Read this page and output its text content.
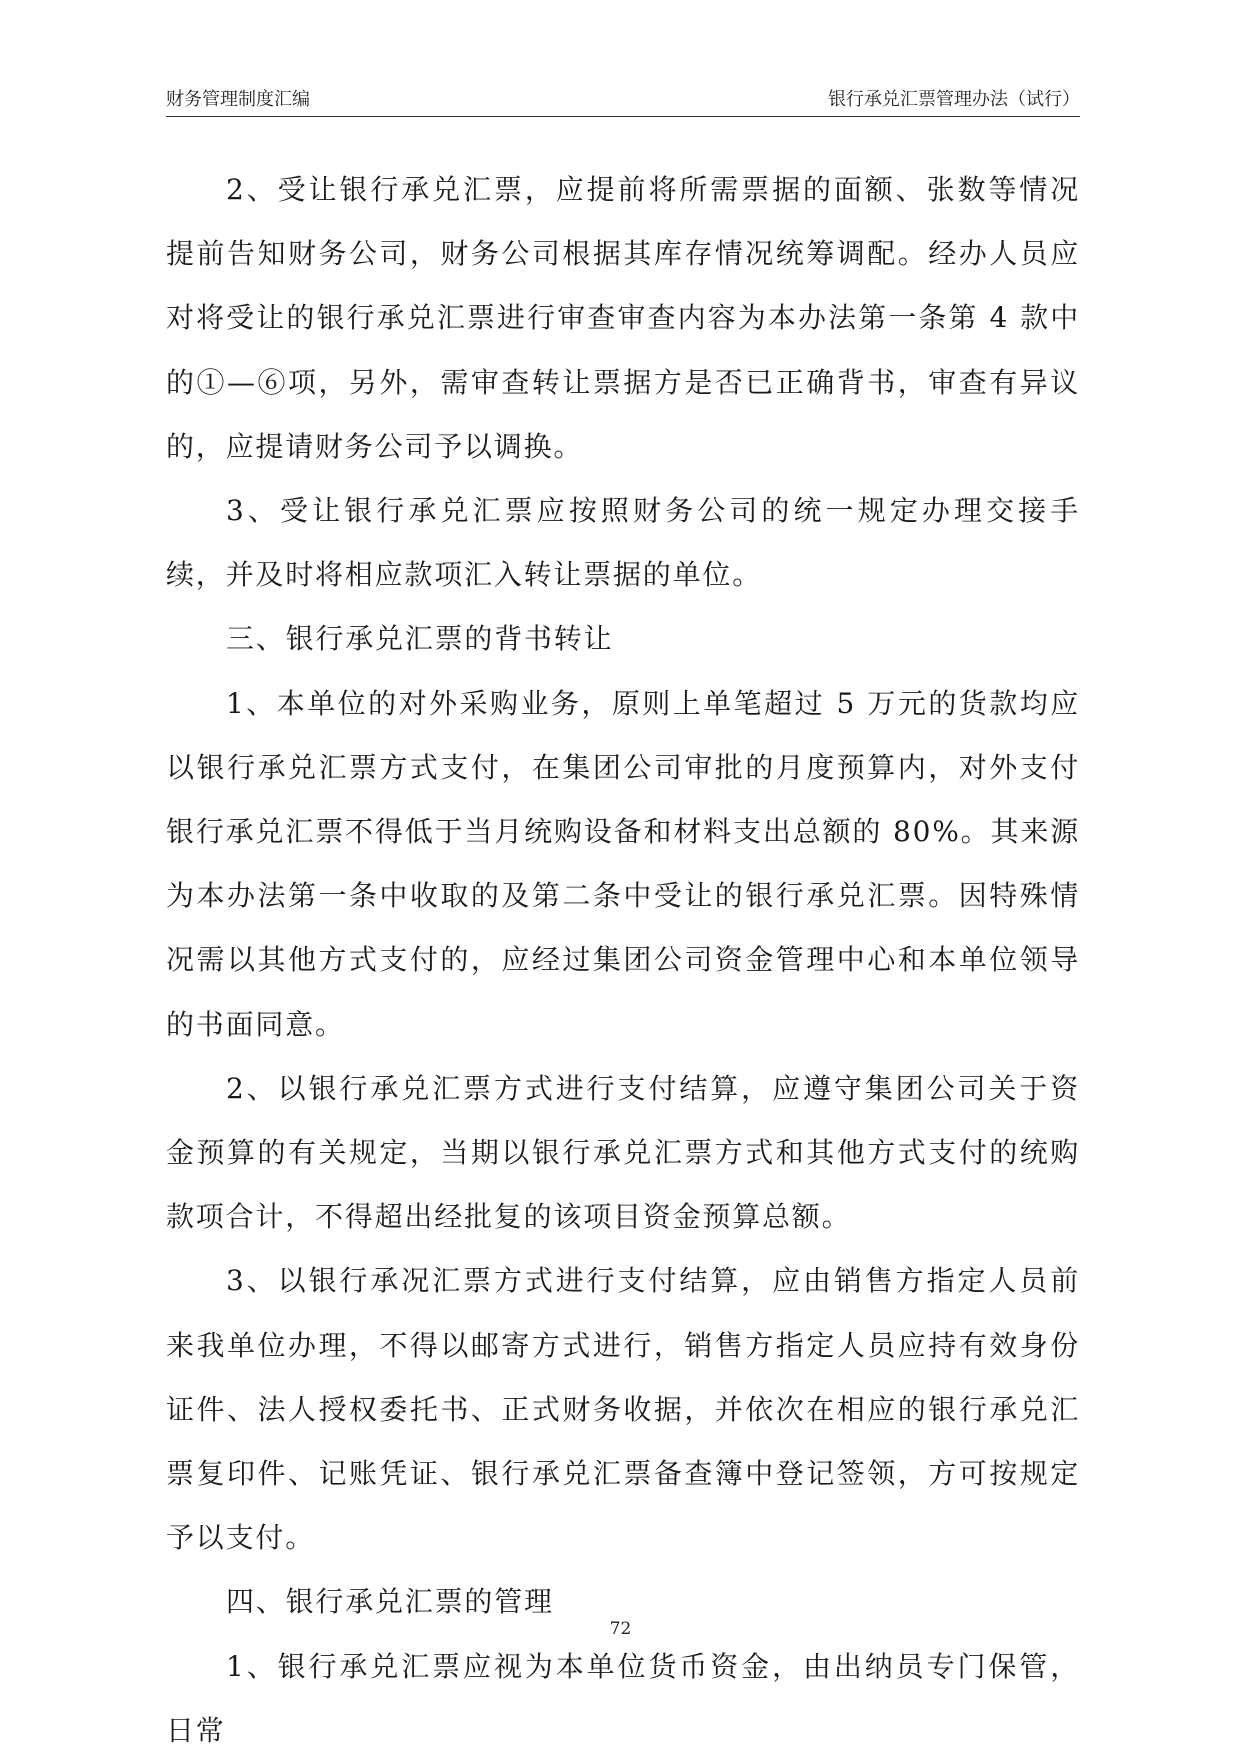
财务管理制度汇编	银行承兑汇票管理办法（试行）

2、受让银行承兑汇票，应提前将所需票据的面额、张数等情况提前告知财务公司，财务公司根据其库存情况统筹调配。经办人员应对将受让的银行承兑汇票进行审查审查内容为本办法第一条第 4 款中的①—⑥项，另外，需审查转让票据方是否已正确背书，审查有异议的，应提请财务公司予以调换。

3、受让银行承兑汇票应按照财务公司的统一规定办理交接手续，并及时将相应款项汇入转让票据的单位。

三、银行承兑汇票的背书转让

1、本单位的对外采购业务，原则上单笔超过 5 万元的货款均应以银行承兑汇票方式支付，在集团公司审批的月度预算内，对外支付银行承兑汇票不得低于当月统购设备和材料支出总额的 80%。其来源为本办法第一条中收取的及第二条中受让的银行承兑汇票。因特殊情况需以其他方式支付的，应经过集团公司资金管理中心和本单位领导的书面同意。

2、以银行承兑汇票方式进行支付结算，应遵守集团公司关于资金预算的有关规定，当期以银行承兑汇票方式和其他方式支付的统购款项合计，不得超出经批复的该项目资金预算总额。

3、以银行承况汇票方式进行支付结算，应由销售方指定人员前来我单位办理，不得以邮寄方式进行，销售方指定人员应持有效身份证件、法人授权委托书、正式财务收据，并依次在相应的银行承兑汇票复印件、记账凭证、银行承兑汇票备查簿中登记签领，方可按规定予以支付。

四、银行承兑汇票的管理

1、银行承兑汇票应视为本单位货币资金，由出纳员专门保管，日常

72
